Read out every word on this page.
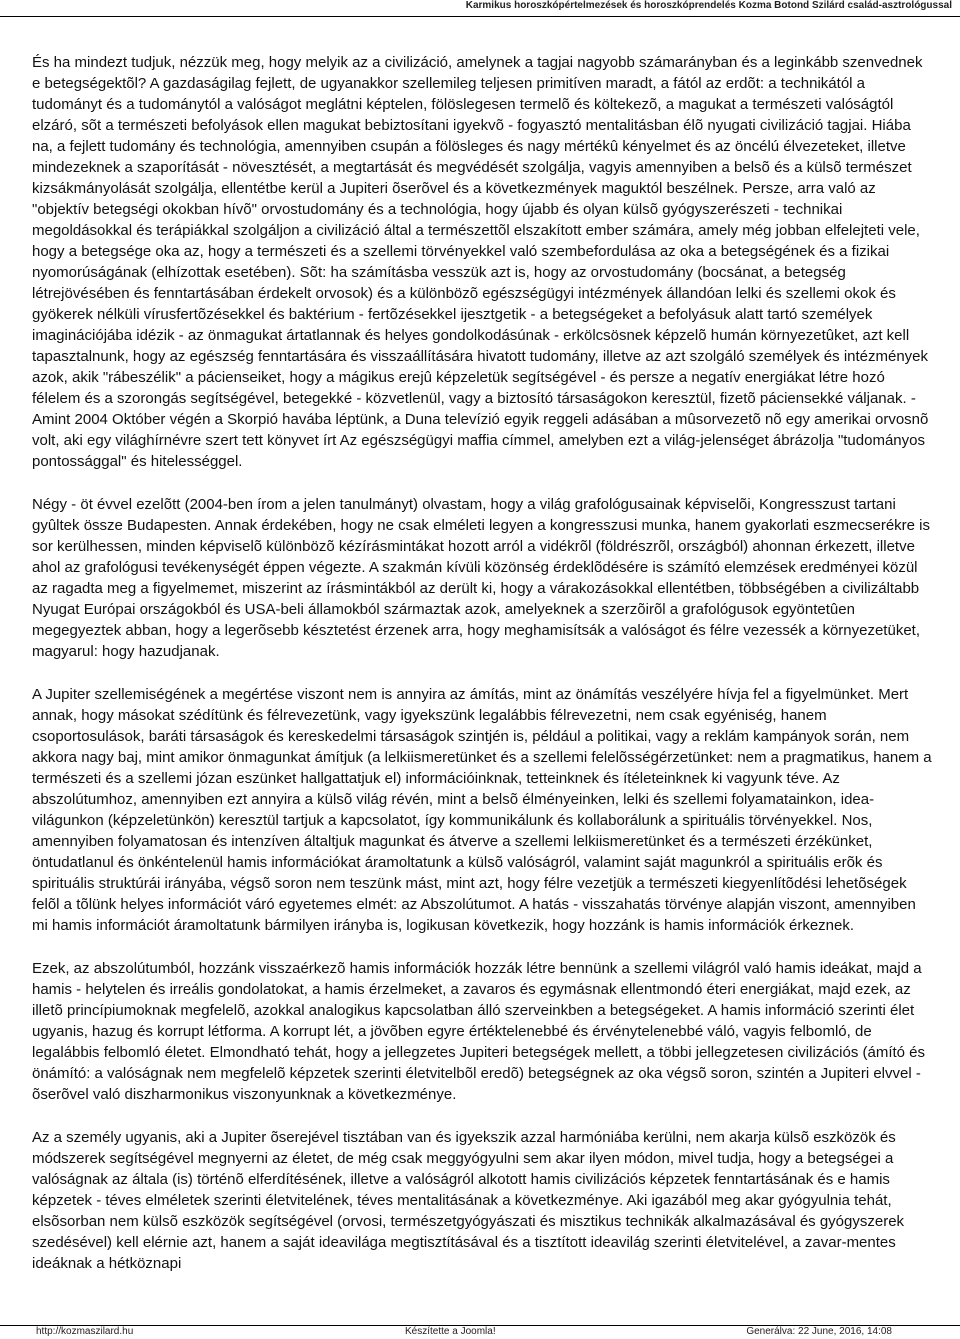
Karmikus horoszkópértelmezések és horoszkóprendelés Kozma Botond Szilárd család-asztrológussal

És ha mindezt tudjuk, nézzük meg, hogy melyik az a civilizáció, amelynek a tagjai nagyobb számarányban és a leginkább szenvednek e betegségektõl? A gazdaságilag fejlett, de ugyanakkor szellemileg teljesen primitíven maradt, a fától az erdõt: a technikától a tudományt és a tudománytól a valóságot meglátni képtelen, fölöslegesen termelõ és költekezõ, a magukat a természeti valóságtól elzáró, sõt a természeti befolyások ellen magukat bebiztosítani igyekvõ - fogyasztó mentalitásban élõ nyugati civilizáció tagjai. Hiába na, a fejlett tudomány és technológia, amennyiben csupán a fölösleges és nagy mértékû kényelmet és az öncélú élvezeteket, illetve mindezeknek a szaporítását - növesztését, a megtartását és megvédését szolgálja, vagyis amennyiben a belsõ és a külsõ természet kizsákmányolását szolgálja, ellentétbe kerül a Jupiteri õserõvel és a következmények maguktól beszélnek. Persze, arra való az "objektív betegségi okokban hívõ" orvostudomány és a technológia, hogy újabb és olyan külsõ gyógyszerészeti - technikai megoldásokkal és terápiákkal szolgáljon a civilizáció által a természettõl elszakított ember számára, amely még jobban elfelejteti vele, hogy a betegsége oka az, hogy a természeti és a szellemi törvényekkel való szembefordulása az oka a betegségének és a fizikai nyomorúságának (elhízottak esetében). Sõt: ha számításba vesszük azt is, hogy az orvostudomány (bocsánat, a betegség létrejövésében és fenntartásában érdekelt orvosok) és a különbözõ egészségügyi intézmények állandóan lelki és szellemi okok és gyökerek nélküli vírusfertõzésekkel és baktérium - fertõzésekkel ijesztgetik - a betegségeket a befolyásuk alatt tartó személyek imaginációjába idézik - az önmagukat ártatlannak és helyes gondolkodásúnak - erkölcsösnek képzelõ humán környezetûket, azt kell tapasztalnunk, hogy az egészség fenntartására és visszaállítására hivatott tudomány, illetve az azt szolgáló személyek és intézmények azok, akik "rábeszélik" a pácienseiket, hogy a mágikus erejû képzeletük segítségével - és persze a negatív energiákat létre hozó félelem és a szorongás segítségével, betegekké - közvetlenül, vagy a biztosító társaságokon keresztül, fizetõ páciensekké váljanak. - Amint 2004 Október végén a Skorpió havába léptünk, a Duna televízió egyik reggeli adásában a mûsorvezetõ nõ egy amerikai orvosnõ volt, aki egy világhírnévre szert tett könyvet írt Az egészségügyi maffia címmel, amelyben ezt a világ-jelenséget ábrázolja "tudományos pontossággal" és hitelességgel.

Négy - öt évvel ezelõtt (2004-ben írom a jelen tanulmányt) olvastam, hogy a világ grafológusainak képviselõi, Kongresszust tartani gyûltek össze Budapesten. Annak érdekében, hogy ne csak elméleti legyen a kongresszusi munka, hanem gyakorlati eszmecserékre is sor kerülhessen, minden képviselõ különbözõ kézírásmintákat hozott arról a vidékrõl (földrészrõl, országból) ahonnan érkezett, illetve ahol az grafológusi tevékenységét éppen végezte. A szakmán kívüli közönség érdeklõdésére is számító elemzések eredményei közül az ragadta meg a figyelmemet, miszerint az írásmintákból az derült ki, hogy a várakozásokkal ellentétben, többségében a civilizáltabb Nyugat Európai országokból és USA-beli államokból származtak azok, amelyeknek a szerzõirõl a grafológusok egyöntetûen megegyeztek abban, hogy a legerõsebb késztetést érzenek arra, hogy meghamisítsák a valóságot és félre vezessék a környezetüket, magyarul: hogy hazudjanak.

A Jupiter szellemiségének a megértése viszont nem is annyira az ámítás, mint az önámítás veszélyére hívja fel a figyelmünket. Mert annak, hogy másokat szédítünk és félrevezetünk, vagy igyekszünk legalábbis félrevezetni, nem csak egyéniség, hanem csoportosulások, baráti társaságok és kereskedelmi társaságok szintjén is, például a politikai, vagy a reklám kampányok során, nem akkora nagy baj, mint amikor önmagunkat ámítjuk (a lelkiismeretünket és a szellemi felelõsségérzetünket: nem a pragmatikus, hanem a természeti és a szellemi józan eszünket hallgattatjuk el) információinknak, tetteinknek és ítéleteinknek ki vagyunk téve. Az abszolútumhoz, amennyiben ezt annyira a külsõ világ révén, mint a belsõ élményeinken, lelki és szellemi folyamatainkon, idea-világunkon (képzeletünkön) keresztül tartjuk a kapcsolatot, így kommunikálunk és kollaborálunk a spirituális törvényekkel. Nos, amennyiben folyamatosan és intenzíven általtjuk magunkat és átverve a szellemi lelkiismeretünket és a természeti érzékünket, öntudatlanul és önkéntelenül hamis információkat áramoltatunk a külsõ valóságról, valamint saját magunkról a spirituális erõk és spirituális struktúrái irányába, végsõ soron nem teszünk mást, mint azt, hogy félre vezetjük a természeti kiegyenlítõdési lehetõségek felõl a tõlünk helyes információt váró egyetemes elmét: az Abszolútumot. A hatás - visszahatás törvénye alapján viszont, amennyiben mi hamis információt áramoltatunk bármilyen irányba is, logikusan következik, hogy hozzánk is hamis információk érkeznek.

Ezek, az abszolútumból, hozzánk visszaérkezõ hamis információk hozzák létre bennünk a szellemi világról való hamis ideákat, majd a hamis - helytelen és irreális gondolatokat, a hamis érzelmeket, a zavaros és egymásnak ellentmondó éteri energiákat, majd ezek, az illetõ princípiumoknak megfelelõ, azokkal analogikus kapcsolatban álló szerveinkben a betegségeket. A hamis információ szerinti élet ugyanis, hazug és korrupt létforma. A korrupt lét, a jövõben egyre értéktelenebbé és érvénytelenebbé váló, vagyis felbomló, de legalábbis felbomló életet. Elmondható tehát, hogy a jellegzetes Jupiteri betegségek mellett, a többi jellegzetesen civilizációs (ámító és önámító: a valóságnak nem megfelelõ képzetek szerinti életvitelbõl eredõ) betegségnek az oka végsõ soron, szintén a Jupiteri elvvel - õserõvel való diszharmonikus viszonyunknak a következménye.

Az a személy ugyanis, aki a Jupiter õserejével tisztában van és igyekszik azzal harmóniába kerülni, nem akarja külsõ eszközök és módszerek segítségével megnyerni az életet, de még csak meggyógyulni sem akar ilyen módon, mivel tudja, hogy a betegségei a valóságnak az általa (is) történõ elferdítésének, illetve a valóságról alkotott hamis civilizációs képzetek fenntartásának és e hamis képzetek - téves elméletek szerinti életvitelének, téves mentalitásának a következménye. Aki igazából meg akar gyógyulnia tehát, elsõsorban nem külsõ eszközök segítségével (orvosi, természetgyógyászati és misztikus technikák alkalmazásával és gyógyszerek szedésével) kell elérnie azt, hanem a saját ideavilága megtisztításával és a tisztított ideavilág szerinti életvitelével, a zavar-mentes ideáknak a hétköznapi

http://kozmaszilard.hu	Készítette a Joomla!	Generálva: 22 June, 2016, 14:08
